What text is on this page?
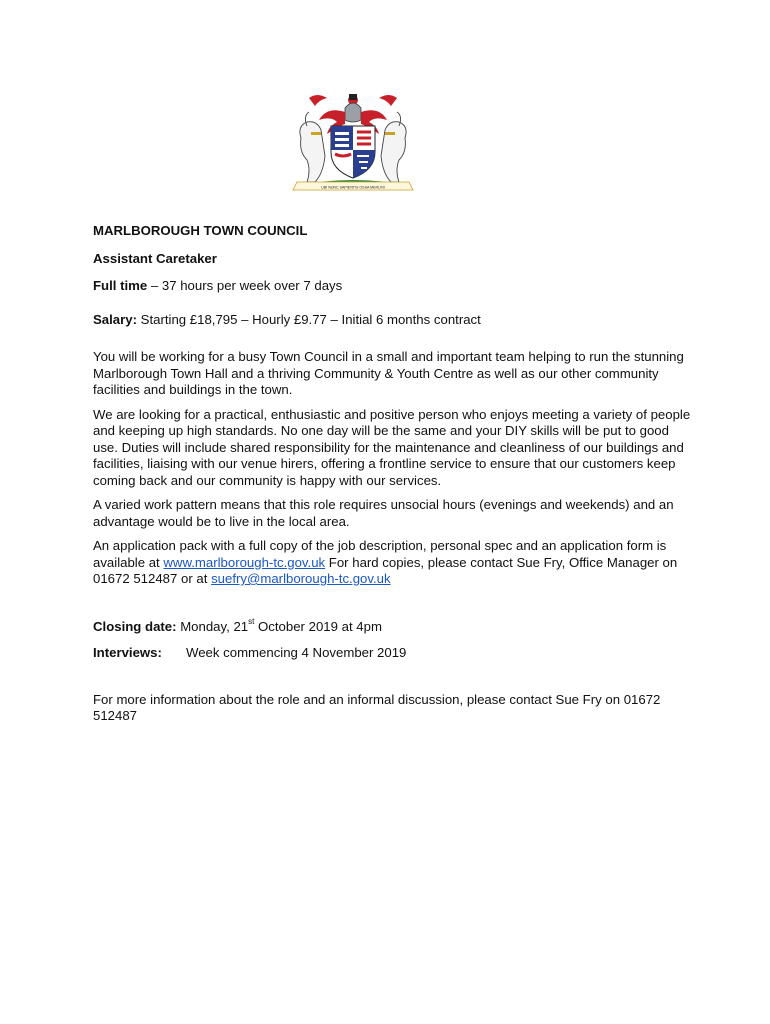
UBI NUNC SAPIENTIS OSSA MERLINI

MARLBOROUGH TOWN COUNCIL

Assistant Caretaker

Full time – 37 hours per week over 7 days

Salary: Starting £18,795 – Hourly £9.77 – Initial 6 months contract

You will be working for a busy Town Council in a small and important team helping to run the stunning Marlborough Town Hall and a thriving Community & Youth Centre as well as our other community facilities and buildings in the town.

We are looking for a practical, enthusiastic and positive person who enjoys meeting a variety of people and keeping up high standards. No one day will be the same and your DIY skills will be put to good use. Duties will include shared responsibility for the maintenance and cleanliness of our buildings and facilities, liaising with our venue hirers, offering a frontline service to ensure that our customers keep coming back and our community is happy with our services.

A varied work pattern means that this role requires unsocial hours (evenings and weekends) and an advantage would be to live in the local area.

An application pack with a full copy of the job description, personal spec and an application form is available at www.marlborough-tc.gov.uk For hard copies, please contact Sue Fry, Office Manager on 01672 512487 or at suefry@marlborough-tc.gov.uk

Closing date: Monday, 21st October 2019 at 4pm

Interviews: Week commencing 4 November 2019

For more information about the role and an informal discussion, please contact Sue Fry on 01672 512487
